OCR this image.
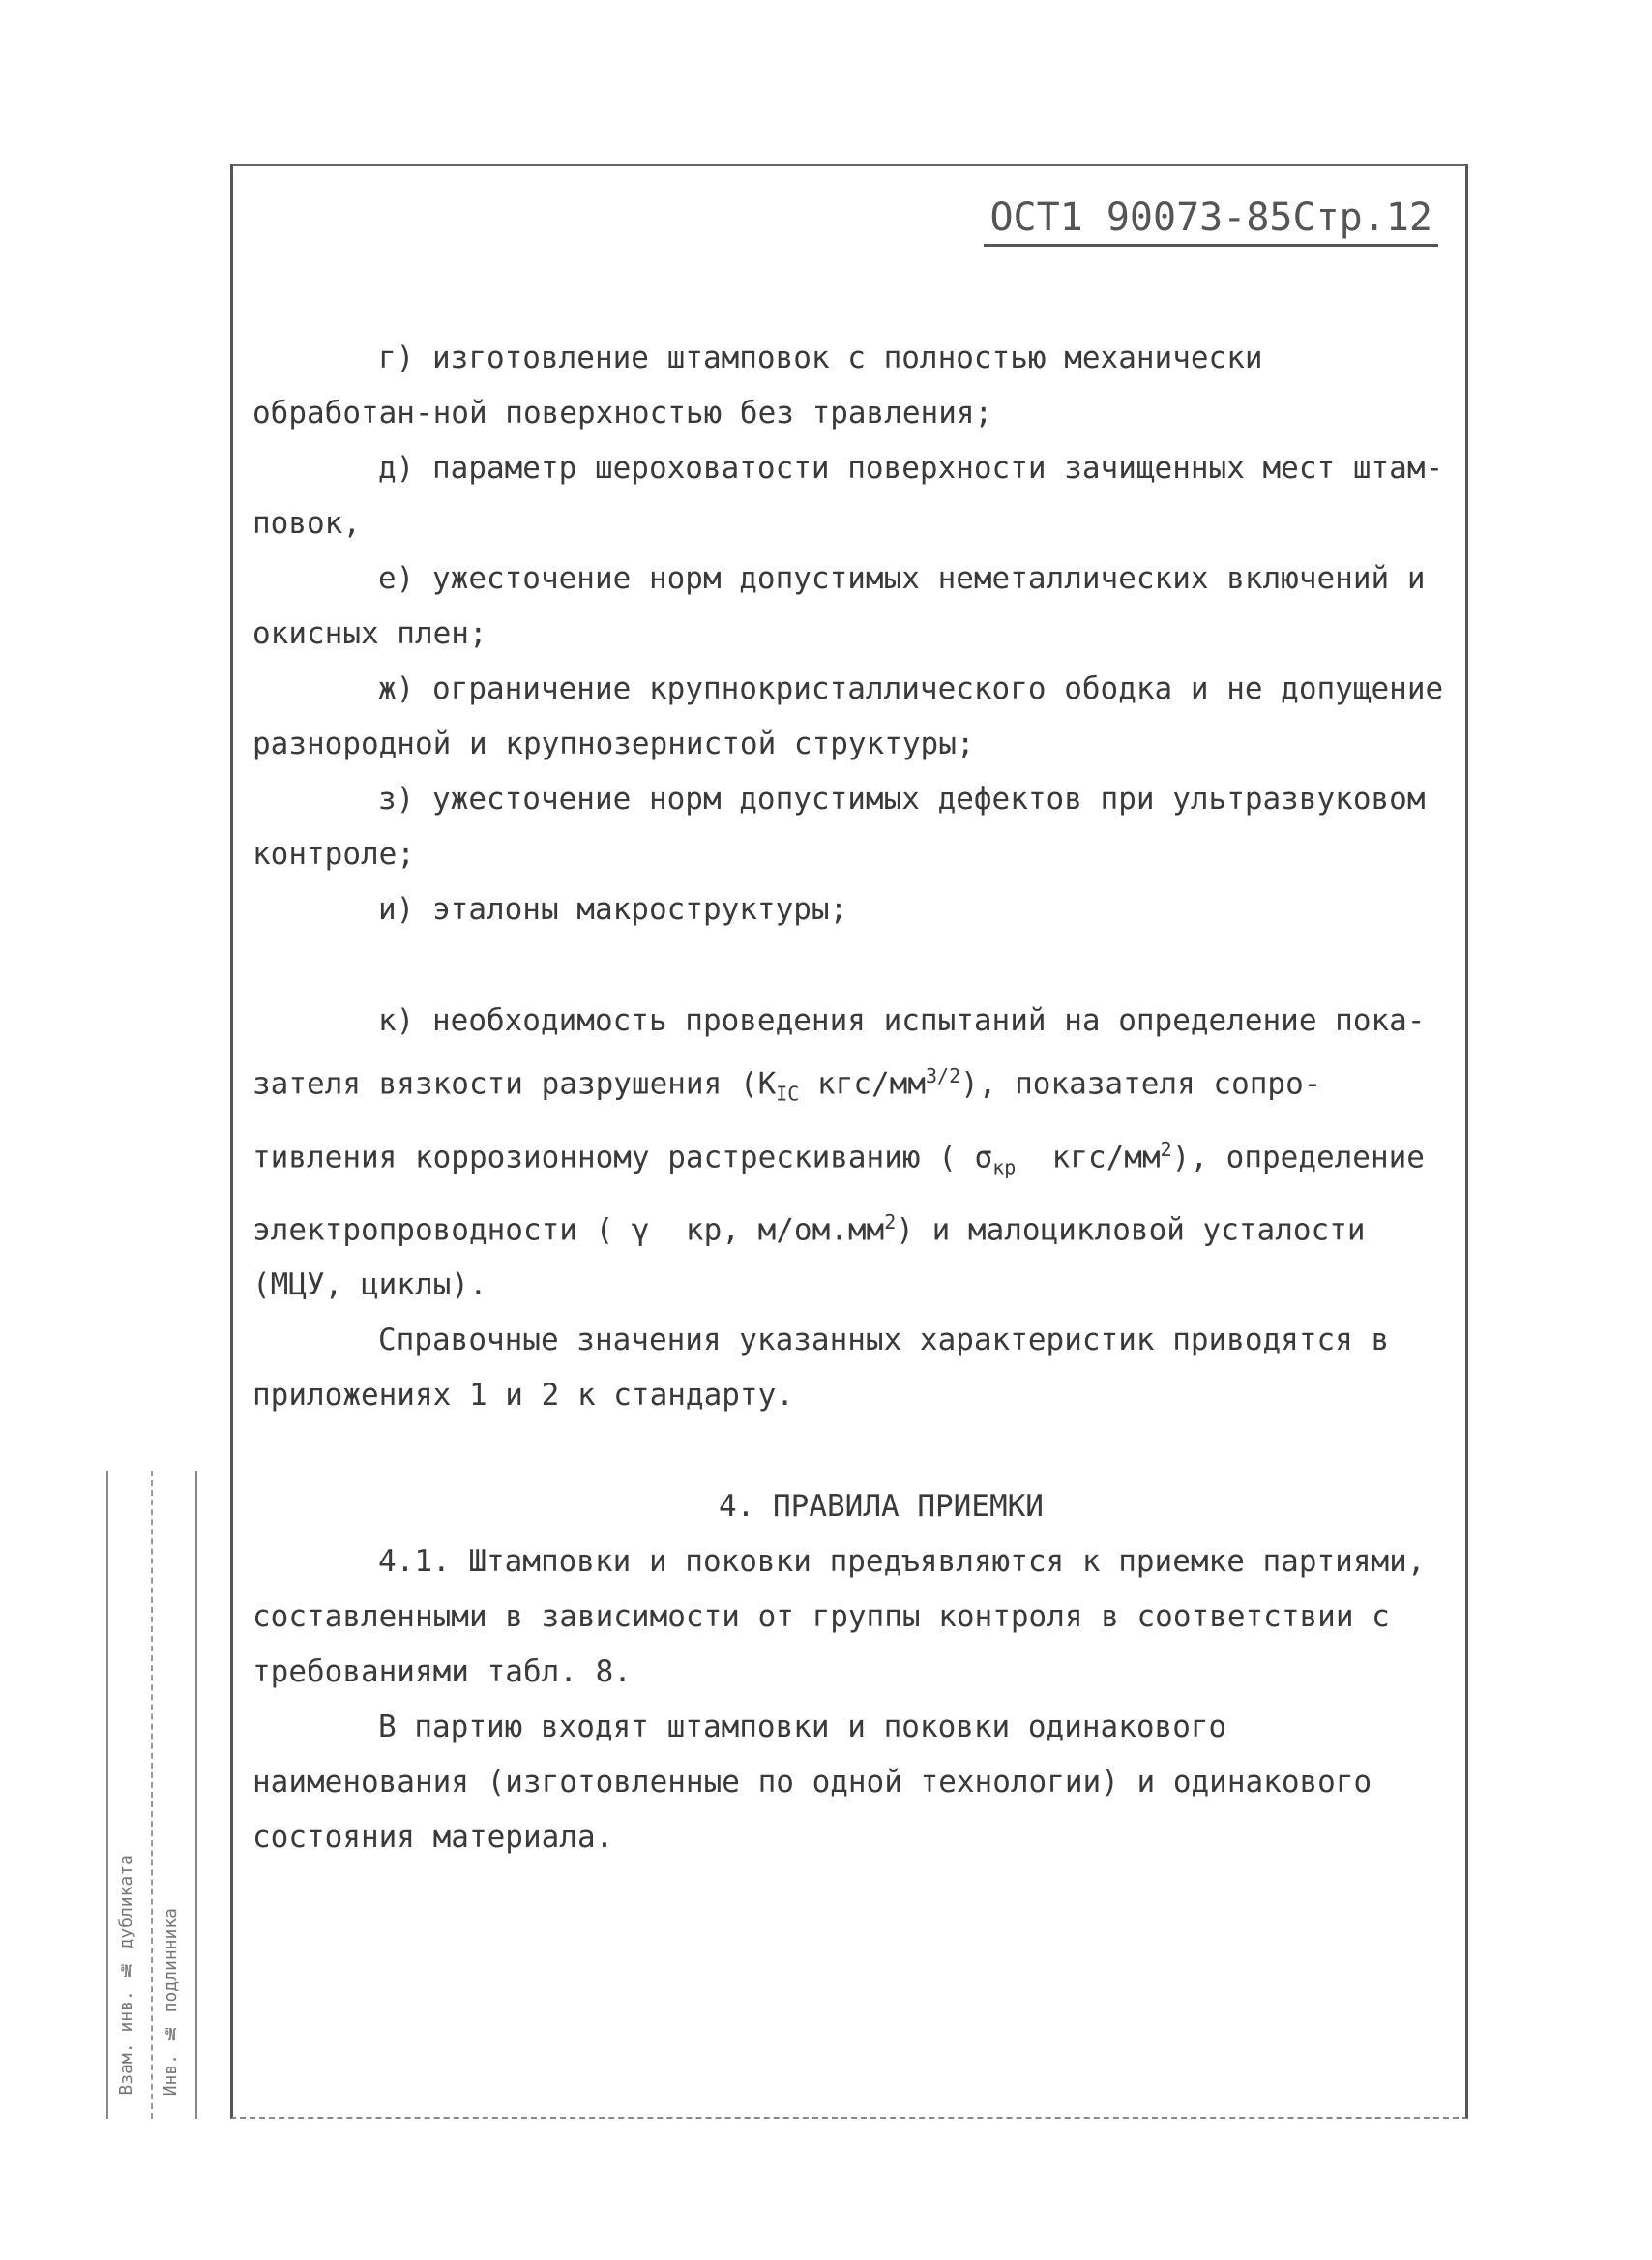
ОСТ1 90073-85Стр.12

г) изготовление штамповок с полностью механически обработан-ной поверхностью без травления;

д) параметр шероховатости поверхности зачищенных мест штам-повок,

е) ужесточение норм допустимых неметаллических включений и окисных плен;

ж) ограничение крупнокристаллического ободка и не допущение разнородной и крупнозернистой структуры;

з) ужесточение норм допустимых дефектов при ультразвуковом контроле;

и) эталоны макроструктуры;

к) необходимость проведения испытаний на определение пока-зателя вязкости разрушения ($K_{IC}$ кгс/$мм^{3/2}$), показателя сопро-тивления коррозионному растрескиванию ( $\sigma_{кр}$  кгс/$мм^2$), определение электропроводности ( γ  кр, $м/ом.мм^2$) и малоцикловой усталости (МЦУ, циклы).

Справочные значения указанных характеристик приводятся в приложениях 1 и 2 к стандарту.

4. ПРАВИЛА ПРИЕМКИ

4.1. Штамповки и поковки предъявляются к приемке партиями, составленными в зависимости от группы контроля в соответствии с требованиями табл. 8.

В партию входят штамповки и поковки одинакового наименования (изготовленные по одной технологии) и одинакового состояния материала.

Взам. инв. № дубликата Инв. № подлинника
